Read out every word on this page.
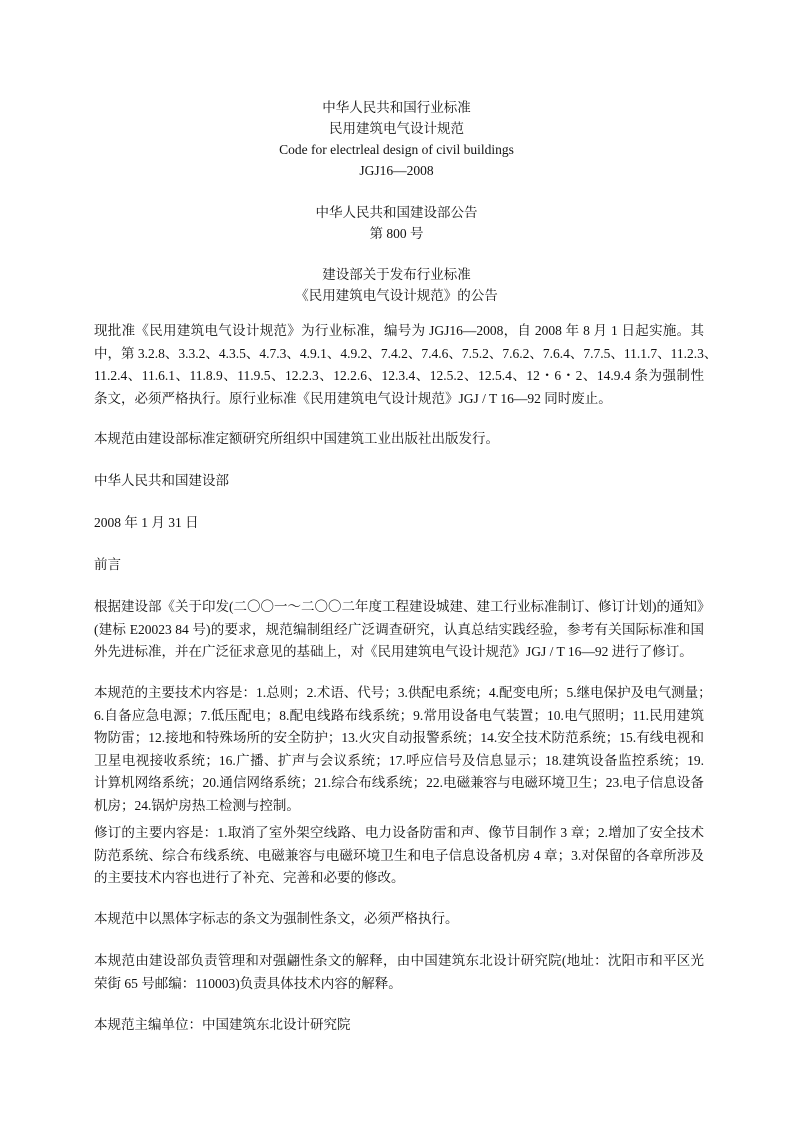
中华人民共和国行业标准
民用建筑电气设计规范
Code for electrleal design of civil buildings
JGJ16—2008
中华人民共和国建设部公告
第 800 号
建设部关于发布行业标准
《民用建筑电气设计规范》的公告
现批准《民用建筑电气设计规范》为行业标准，编号为 JGJ16—2008，自 2008 年 8 月 1 日起实施。其
中，第 3.2.8、3.3.2、4.3.5、4.7.3、4.9.1、4.9.2、7.4.2、7.4.6、7.5.2、7.6.2、7.6.4、7.7.5、11.1.7、11.2.3、
11.2.4、11.6.1、11.8.9、11.9.5、12.2.3、12.2.6、12.3.4、12.5.2、12.5.4、12・6・2、14.9.4 条为强制性
条文，必须严格执行。原行业标准《民用建筑电气设计规范》JGJ / T 16—92 同时废止。
本规范由建设部标准定额研究所组织中国建筑工业出版社出版发行。
中华人民共和国建设部
2008 年 1 月 31 日
前言
根据建设部《关于印发(二〇〇一～二〇〇二年度工程建设城建、建工行业标准制订、修订计划)的通知》
(建标 E20023 84 号)的要求，规范编制组经广泛调查研究，认真总结实践经验，参考有关国际标准和国
外先进标准，并在广泛征求意见的基础上，对《民用建筑电气设计规范》JGJ / T 16—92 进行了修订。
本规范的主要技术内容是：1.总则；2.术语、代号；3.供配电系统；4.配变电所；5.继电保护及电气测量；
6.自备应急电源；7.低压配电；8.配电线路布线系统；9.常用设备电气装置；10.电气照明；11.民用建筑
物防雷；12.接地和特殊场所的安全防护；13.火灾自动报警系统；14.安全技术防范系统；15.有线电视和
卫星电视接收系统；16.广播、扩声与会议系统；17.呼应信号及信息显示；18.建筑设备监控系统；19.
计算机网络系统；20.通信网络系统；21.综合布线系统；22.电磁兼容与电磁环境卫生；23.电子信息设备
机房；24.锅炉房热工检测与控制。
修订的主要内容是：1.取消了室外架空线路、电力设备防雷和声、像节目制作 3 章；2.增加了安全技术
防范系统、综合布线系统、电磁兼容与电磁环境卫生和电子信息设备机房 4 章；3.对保留的各章所涉及
的主要技术内容也进行了补充、完善和必要的修改。
本规范中以黑体字标志的条文为强制性条文，必须严格执行。
本规范由建设部负责管理和对强翩性条文的解释，由中国建筑东北设计研究院(地址：沈阳市和平区光
荣街 65 号邮编：110003)负责具体技术内容的解释。
本规范主编单位：中国建筑东北设计研究院
